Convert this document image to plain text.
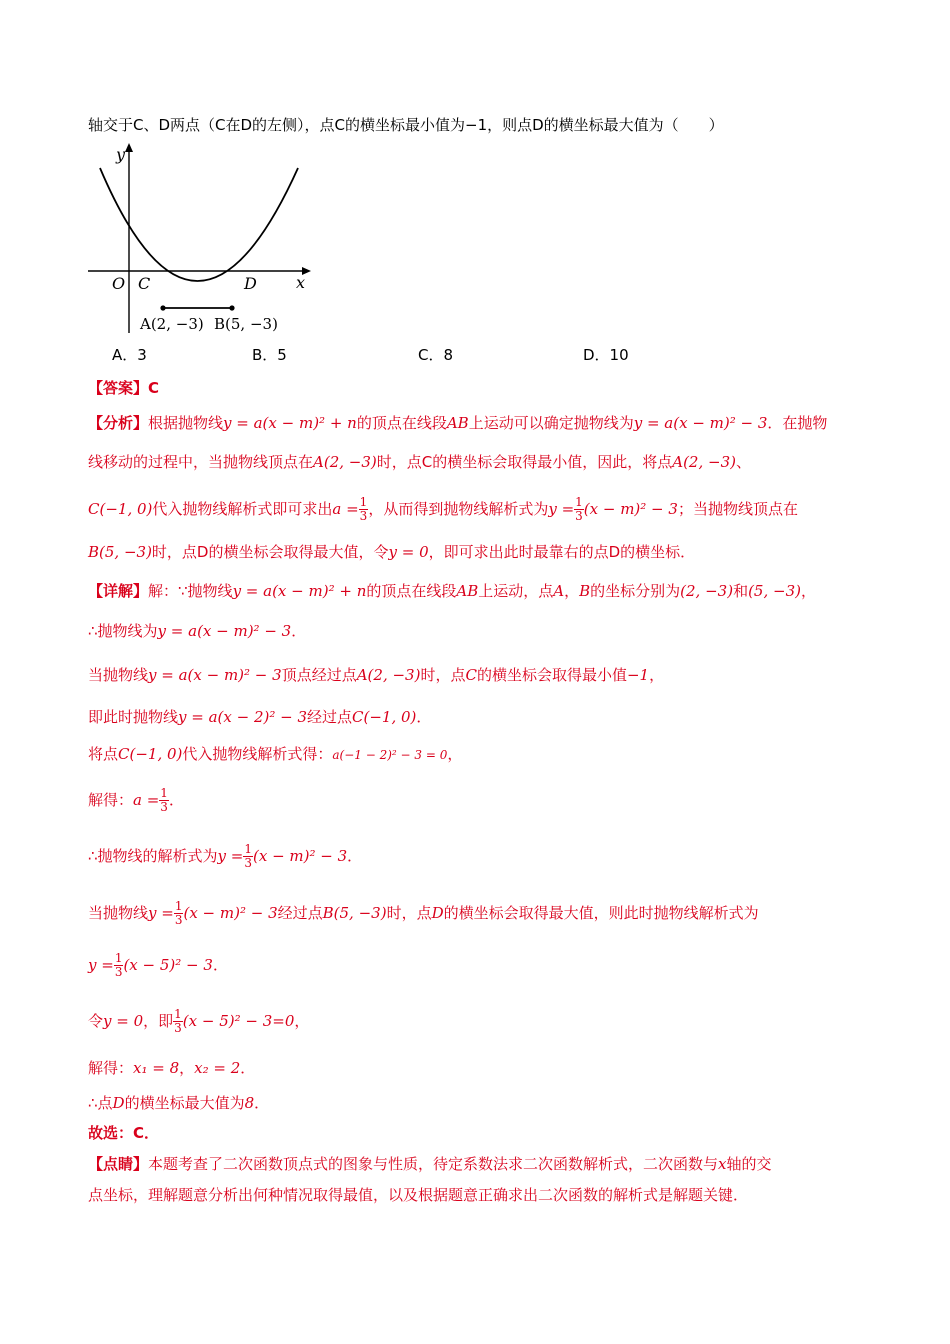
轴交于C、D两点（C在D的左侧），点C的横坐标最小值为−1，则点D的横坐标最大值为（　　）
y
x
O C	D
A(2, −3) B(5, −3)
A．3	B．5	C．8	D．10
【答案】C
【分析】根据抛物线y = a(x − m)² + n的顶点在线段AB上运动可以确定抛物线为y = a(x − m)² − 3．在抛物
线移动的过程中，当抛物线顶点在A(2, −3)时，点C的横坐标会取得最小值，因此，将点A(2, −3)、
C(−1, 0)代入抛物线解析式即可求出$a = \frac{1}{3}$ ，从而得到抛物线解析式为$y = \frac{1}{3} (x - m)^2 - 3$；当抛物线顶点在
B(5, −3)时，点D的横坐标会取得最大值，令y = 0，即可求出此时最靠右的点D的横坐标．
【详解】解：∵抛物线y = a(x − m)² + n的顶点在线段AB上运动，点A，B的坐标分别为(2, −3)和(5, −3)，
∴抛物线为y = a(x − m)² − 3．
当抛物线y = a(x − m)² − 3顶点经过点A(2, −3)时，点C的横坐标会取得最小值−1，
即此时抛物线y = a(x − 2)² − 3经过点C(−1, 0)．
将点C(−1, 0)代入抛物线解析式得：a(−1 − 2)² − 3 = 0，
解得：$a = \frac{1}{3}$ ．
∴抛物线的解析式为$y = \frac{1}{3} (x - m)^2 - 3$．
当抛物线$y = \frac{1}{3} (x - m)^2 - 3$经过点B(5, −3)时，点D的横坐标会取得最大值，则此时抛物线解析式为
$y = \frac{1}{3} (x - 5)^2 - 3$．
令y = 0，即 $\frac{1}{3} (x - 5)^2 - 3=0$，
解得：x₁ = 8，x₂ = 2．
∴点D的横坐标最大值为8．
故选：C．
【点睛】本题考查了二次函数顶点式的图象与性质，待定系数法求二次函数解析式，二次函数与x轴的交
点坐标，理解题意分析出何种情况取得最值，以及根据题意正确求出二次函数的解析式是解题关键．
